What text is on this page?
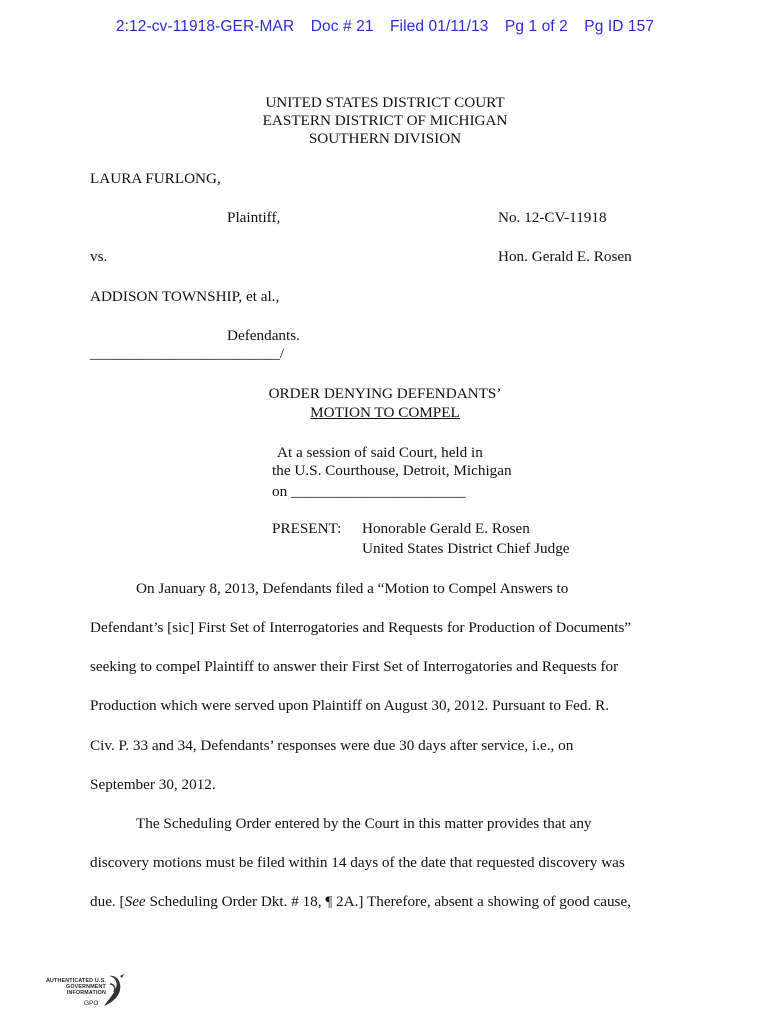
2:12-cv-11918-GER-MAR Doc # 21 Filed 01/11/13 Pg 1 of 2 Pg ID 157
UNITED STATES DISTRICT COURT
EASTERN DISTRICT OF MICHIGAN
SOUTHERN DIVISION
LAURA FURLONG,
Plaintiff,	No. 12-CV-11918
vs.	Hon. Gerald E. Rosen
ADDISON TOWNSHIP, et al.,
Defendants.
_________________________/
ORDER DENYING DEFENDANTS’
MOTION TO COMPEL
At a session of said Court, held in
the U.S. Courthouse, Detroit, Michigan
on _______________________
PRESENT: Honorable Gerald E. Rosen
United States District Chief Judge
On January 8, 2013, Defendants filed a “Motion to Compel Answers to
Defendant’s [sic] First Set of Interrogatories and Requests for Production of Documents”
seeking to compel Plaintiff to answer their First Set of Interrogatories and Requests for
Production which were served upon Plaintiff on August 30, 2012. Pursuant to Fed. R.
Civ. P. 33 and 34, Defendants’ responses were due 30 days after service, i.e., on
September 30, 2012.
The Scheduling Order entered by the Court in this matter provides that any
discovery motions must be filed within 14 days of the date that requested discovery was
due. [See Scheduling Order Dkt. # 18, ¶ 2A.] Therefore, absent a showing of good cause,
AUTHENTICATED U.S. GOVERNMENT INFORMATION
GPO
